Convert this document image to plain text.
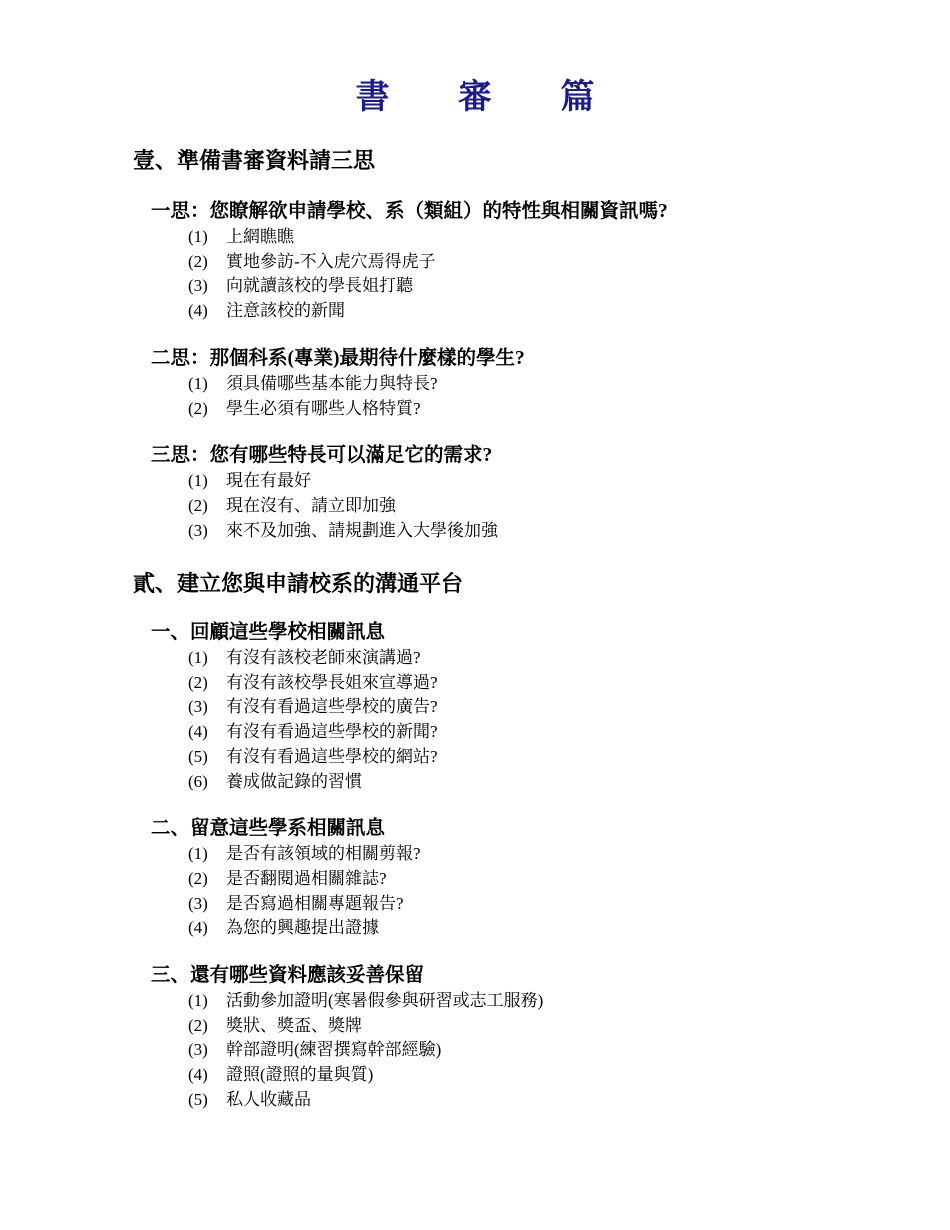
書 審 篇
壹、準備書審資料請三思
一思：您瞭解欲申請學校、系（類組）的特性與相關資訊嗎?
(1) 上網瞧瞧
(2) 實地參訪-不入虎穴焉得虎子
(3) 向就讀該校的學長姐打聽
(4) 注意該校的新聞
二思：那個科系(專業)最期待什麼樣的學生?
(1) 須具備哪些基本能力與特長?
(2) 學生必須有哪些人格特質?
三思：您有哪些特長可以滿足它的需求?
(1) 現在有最好
(2) 現在沒有、請立即加強
(3) 來不及加強、請規劃進入大學後加強
貳、建立您與申請校系的溝通平台
一、回顧這些學校相關訊息
(1) 有沒有該校老師來演講過?
(2) 有沒有該校學長姐來宣導過?
(3) 有沒有看過這些學校的廣告?
(4) 有沒有看過這些學校的新聞?
(5) 有沒有看過這些學校的網站?
(6) 養成做記錄的習慣
二、留意這些學系相關訊息
(1) 是否有該領域的相關剪報?
(2) 是否翻閱過相關雜誌?
(3) 是否寫過相關專題報告?
(4) 為您的興趣提出證據
三、還有哪些資料應該妥善保留
(1) 活動參加證明(寒暑假參與研習或志工服務)
(2) 獎狀、獎盃、獎牌
(3) 幹部證明(練習撰寫幹部經驗)
(4) 證照(證照的量與質)
(5) 私人收藏品
